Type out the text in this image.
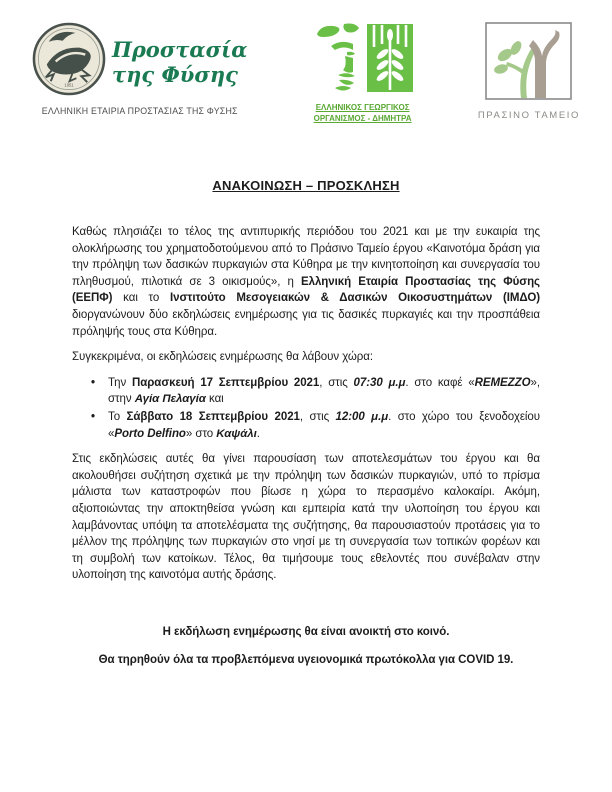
1951
Προστασία
της Φύσης
ΕΛΛΗΝΙΚΗ ΕΤΑΙΡΙΑ ΠΡΟΣΤΑΣΙΑΣ ΤΗΣ ΦΥΣΗΣ	ΕΛΛΗΝΙΚΟΣ ΓΕΩΡΓΙΚΟΣ
ΟΡΓΑΝΙΣΜΟΣ - ΔΗΜΗΤΡΑ	ΠΡΑΣΙΝΟ ΤΑΜΕΙΟ
ΑΝΑΚΟΙΝΩΣΗ – ΠΡΟΣΚΛΗΣΗ

Καθώς πλησιάζει το τέλος της αντιπυρικής περιόδου του 2021 και με την ευκαιρία της ολοκλήρωσης του χρηματοδοτούμενου από το Πράσινο Ταμείο έργου «Καινοτόμα δράση για την πρόληψη των δασικών πυρκαγιών στα Κύθηρα με την κινητοποίηση και συνεργασία του πληθυσμού, πιλοτικά σε 3 οικισμούς», η Ελληνική Εταιρία Προστασίας της Φύσης (ΕΕΠΦ) και το Ινστιτούτο Μεσογειακών & Δασικών Οικοσυστημάτων (ΙΜΔΟ) διοργανώνουν δύο εκδηλώσεις ενημέρωσης για τις δασικές πυρκαγιές και την προσπάθεια πρόληψής τους στα Κύθηρα.

Συγκεκριμένα, οι εκδηλώσεις ενημέρωσης θα λάβουν χώρα:

• Την Παρασκευή 17 Σεπτεμβρίου 2021, στις 07:30 μ.μ. στο καφέ «REMEZZO», στην Αγία Πελαγία και
• Το Σάββατο 18 Σεπτεμβρίου 2021, στις 12:00 μ.μ. στο χώρο του ξενοδοχείου «Porto Delfino» στο Καψάλι.

Στις εκδηλώσεις αυτές θα γίνει παρουσίαση των αποτελεσμάτων του έργου και θα ακολουθήσει συζήτηση σχετικά με την πρόληψη των δασικών πυρκαγιών, υπό το πρίσμα μάλιστα των καταστροφών που βίωσε η χώρα το περασμένο καλοκαίρι. Ακόμη, αξιοποιώντας την αποκτηθείσα γνώση και εμπειρία κατά την υλοποίηση του έργου και λαμβάνοντας υπόψη τα αποτελέσματα της συζήτησης, θα παρουσιαστούν προτάσεις για το μέλλον της πρόληψης των πυρκαγιών στο νησί με τη συνεργασία των τοπικών φορέων και τη συμβολή των κατοίκων. Τέλος, θα τιμήσουμε τους εθελοντές που συνέβαλαν στην υλοποίηση της καινοτόμα αυτής δράσης.

Η εκδήλωση ενημέρωσης θα είναι ανοικτή στο κοινό.

Θα τηρηθούν όλα τα προβλεπόμενα υγειονομικά πρωτόκολλα για COVID 19.
